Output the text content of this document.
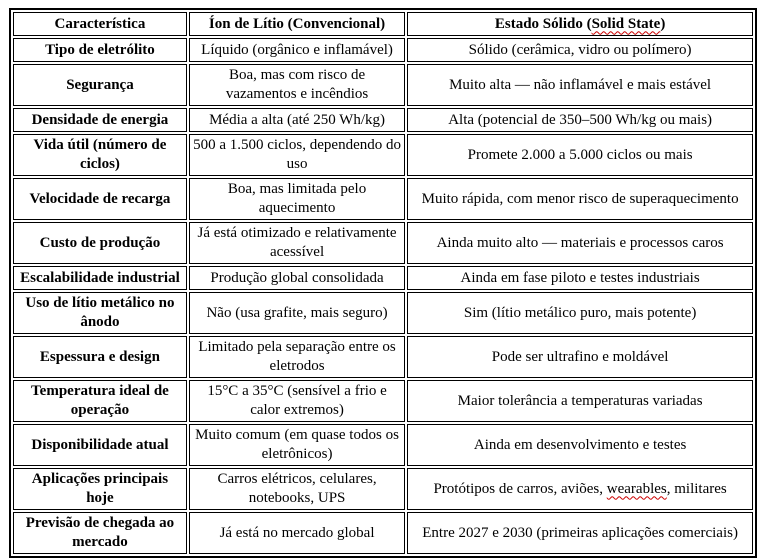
Característica	Íon de Lítio (Convencional)	Estado Sólido (Solid State)
Tipo de eletrólito	Líquido (orgânico e inflamável)	Sólido (cerâmica, vidro ou polímero)
Segurança	Boa, mas com risco de vazamentos e incêndios	Muito alta — não inflamável e mais estável
Densidade de energia	Média a alta (até 250 Wh/kg)	Alta (potencial de 350–500 Wh/kg ou mais)
Vida útil (número de ciclos)	500 a 1.500 ciclos, dependendo do uso	Promete 2.000 a 5.000 ciclos ou mais
Velocidade de recarga	Boa, mas limitada pelo aquecimento	Muito rápida, com menor risco de superaquecimento
Custo de produção	Já está otimizado e relativamente acessível	Ainda muito alto — materiais e processos caros
Escalabilidade industrial	Produção global consolidada	Ainda em fase piloto e testes industriais
Uso de lítio metálico no ânodo	Não (usa grafite, mais seguro)	Sim (lítio metálico puro, mais potente)
Espessura e design	Limitado pela separação entre os eletrodos	Pode ser ultrafino e moldável
Temperatura ideal de operação	15°C a 35°C (sensível a frio e calor extremos)	Maior tolerância a temperaturas variadas
Disponibilidade atual	Muito comum (em quase todos os eletrônicos)	Ainda em desenvolvimento e testes
Aplicações principais hoje	Carros elétricos, celulares, notebooks, UPS	Protótipos de carros, aviões, wearables, militares
Previsão de chegada ao mercado	Já está no mercado global	Entre 2027 e 2030 (primeiras aplicações comerciais)
